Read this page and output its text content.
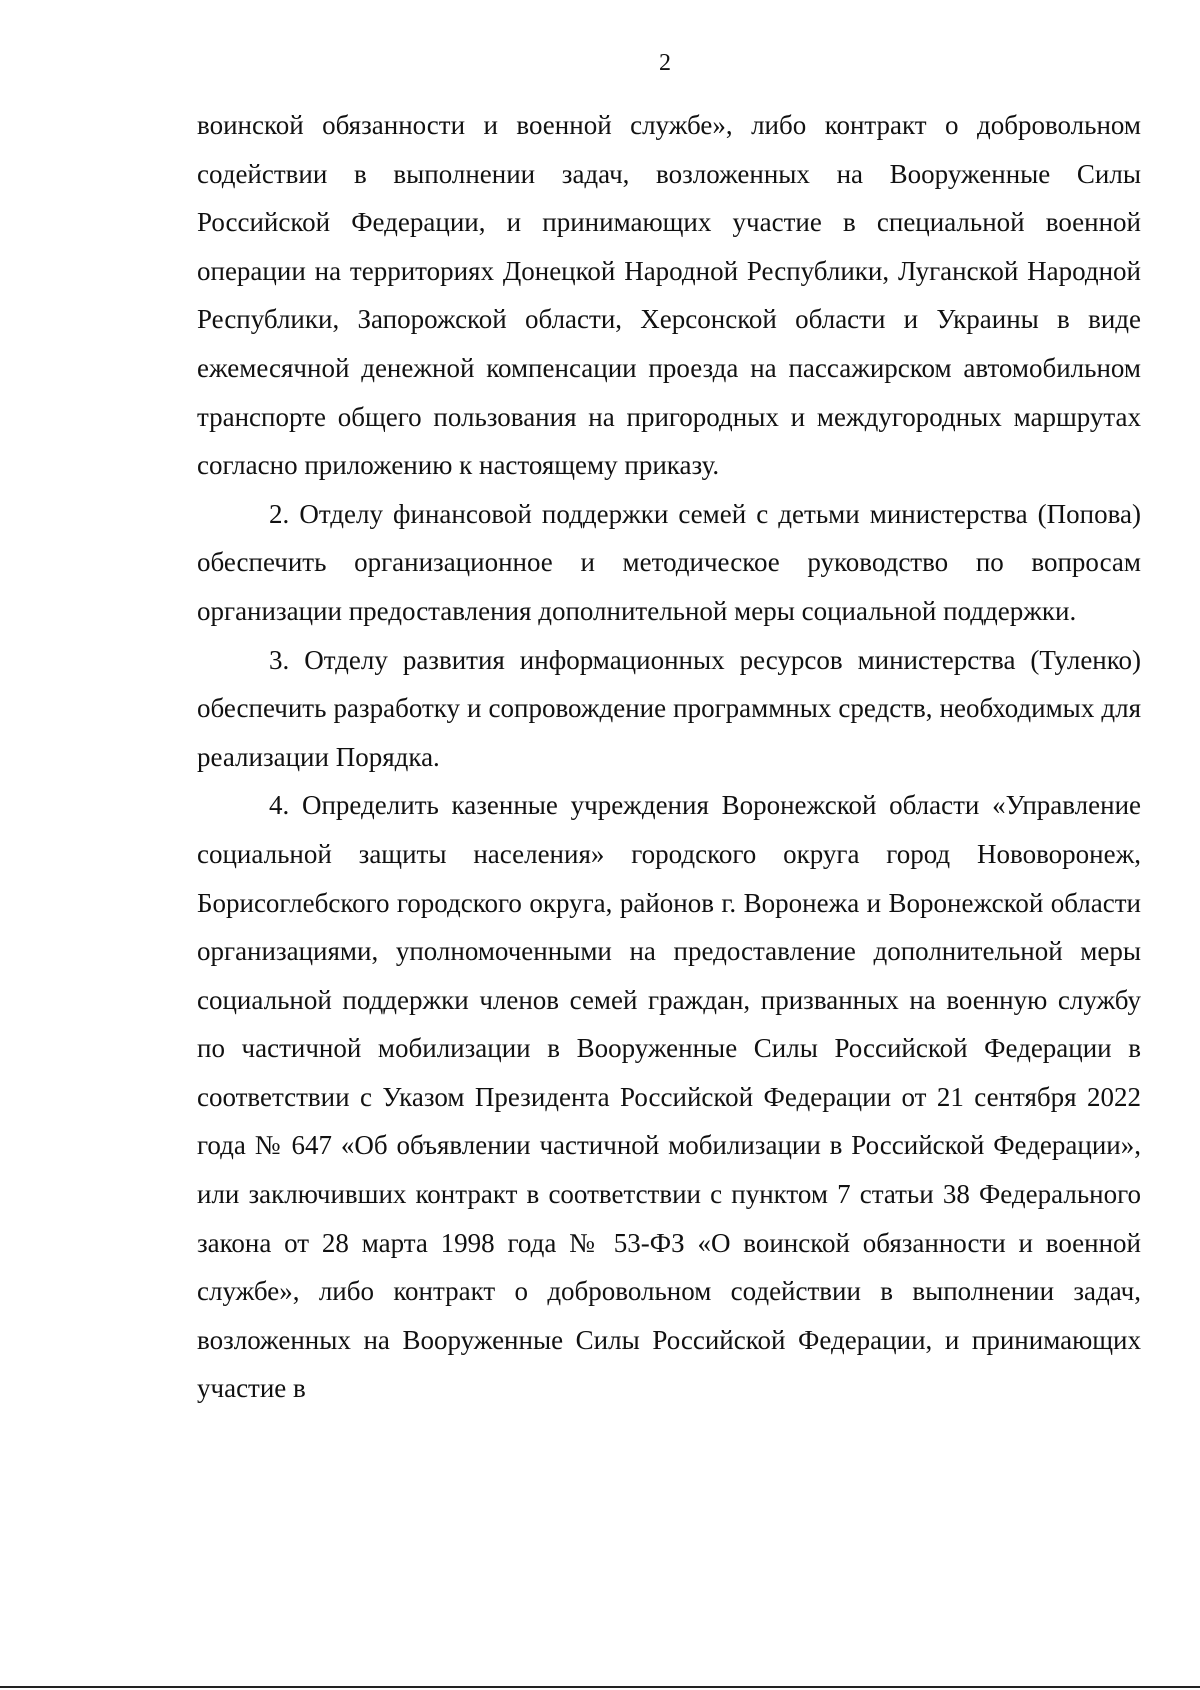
2

воинской обязанности и военной службе», либо контракт о добровольном содействии в выполнении задач, возложенных на Вооруженные Силы Российской Федерации, и принимающих участие в специальной военной операции на территориях Донецкой Народной Республики, Луганской Народной Республики, Запорожской области, Херсонской области и Украины в виде ежемесячной денежной компенсации проезда на пассажирском автомобильном транспорте общего пользования на пригородных и междугородных маршрутах согласно приложению к настоящему приказу.

2. Отделу финансовой поддержки семей с детьми министерства (Попова) обеспечить организационное и методическое руководство по вопросам организации предоставления дополнительной меры социальной поддержки.

3. Отделу развития информационных ресурсов министерства (Туленко) обеспечить разработку и сопровождение программных средств, необходимых для реализации Порядка.

4. Определить казенные учреждения Воронежской области «Управление социальной защиты населения» городского округа город Нововоронеж, Борисоглебского городского округа, районов г. Воронежа и Воронежской области организациями, уполномоченными на предоставление дополнительной меры социальной поддержки членов семей граждан, призванных на военную службу по частичной мобилизации в Вооруженные Силы Российской Федерации в соответствии с Указом Президента Российской Федерации от 21 сентября 2022 года № 647 «Об объявлении частичной мобилизации в Российской Федерации», или заключивших контракт в соответствии с пунктом 7 статьи 38 Федерального закона от 28 марта 1998 года № 53-ФЗ «О воинской обязанности и военной службе», либо контракт о добровольном содействии в выполнении задач, возложенных на Вооруженные Силы Российской Федерации, и принимающих участие в
